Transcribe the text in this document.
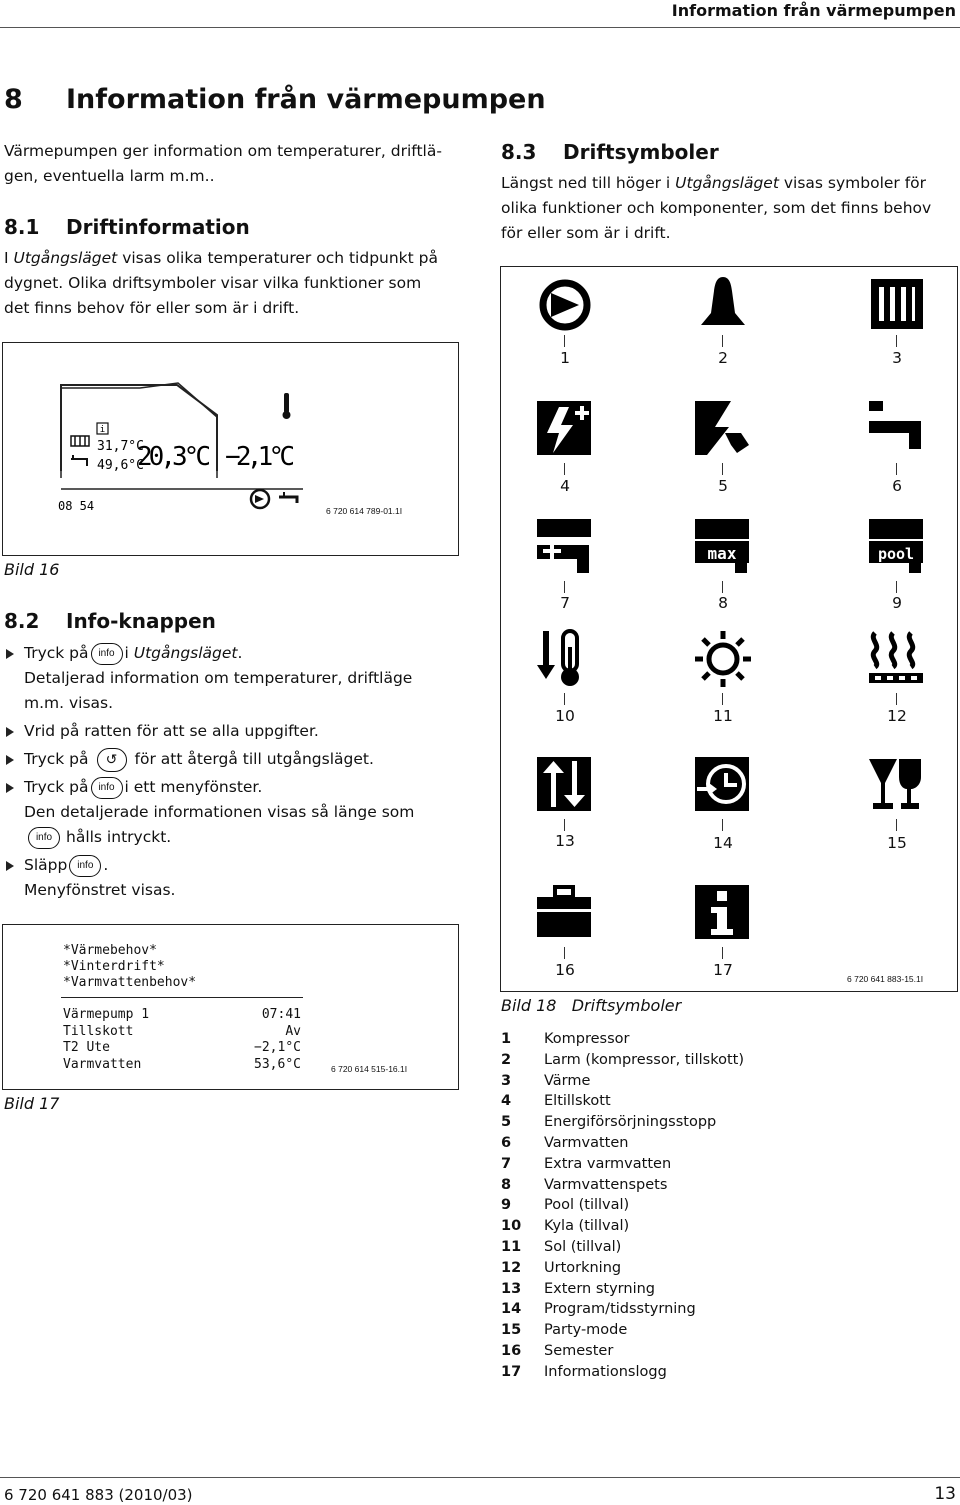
Information från värmepumpen
8 Information från värmepumpen
Värmepumpen ger information om temperaturer, driftlä-
gen, eventuella larm m.m..
8.1 Driftinformation
I Utgångsläget visas olika temperaturer och tidpunkt på
dygnet. Olika driftsymboler visar vilka funktioner som
det finns behov för eller som är i drift.
i
31,7°C
49,6°C
20,3°C −2,1°C
08 54	6 720 614 789-01.1I
Bild 16
8.2 Info-knappen
Tryck på info i Utgångsläget.
Detaljerad information om temperaturer, driftläge
m.m. visas.
Vrid på ratten för att se alla uppgifter.
Tryck på ↺ för att återgå till utgångsläget.
Tryck på info i ett menyfönster.
Den detaljerade informationen visas så länge som
info hålls intryckt.
Släpp info .
Menyfönstret visas.
*Värmebehov*
*Vinterdrift*
*Varmvattenbehov*
Värmepump 1	07:41
Tillskott	Av
T2 Ute	−2,1°C
Varmvatten	53,6°C	6 720 614 515-16.1I
Bild 17
8.3 Driftsymboler
Längst ned till höger i Utgångsläget visas symboler för
olika funktioner och komponenter, som det finns behov
för eller som är i drift.
max	pool
1	2	3
4	5	6
7	8	9
10	11	12
13	14	15
16	17	6 720 641 883-15.1I
Bild 18 Driftsymboler
1 Kompressor
2 Larm (kompressor, tillskott)
3 Värme
4 Eltillskott
5 Energiförsörjningsstopp
6 Varmvatten
7 Extra varmvatten
8 Varmvattenspets
9 Pool (tillval)
10 Kyla (tillval)
11 Sol (tillval)
12 Urtorkning
13 Extern styrning
14 Program/tidsstyrning
15 Party-mode
16 Semester
17 Informationslogg
6 720 641 883 (2010/03)	13
